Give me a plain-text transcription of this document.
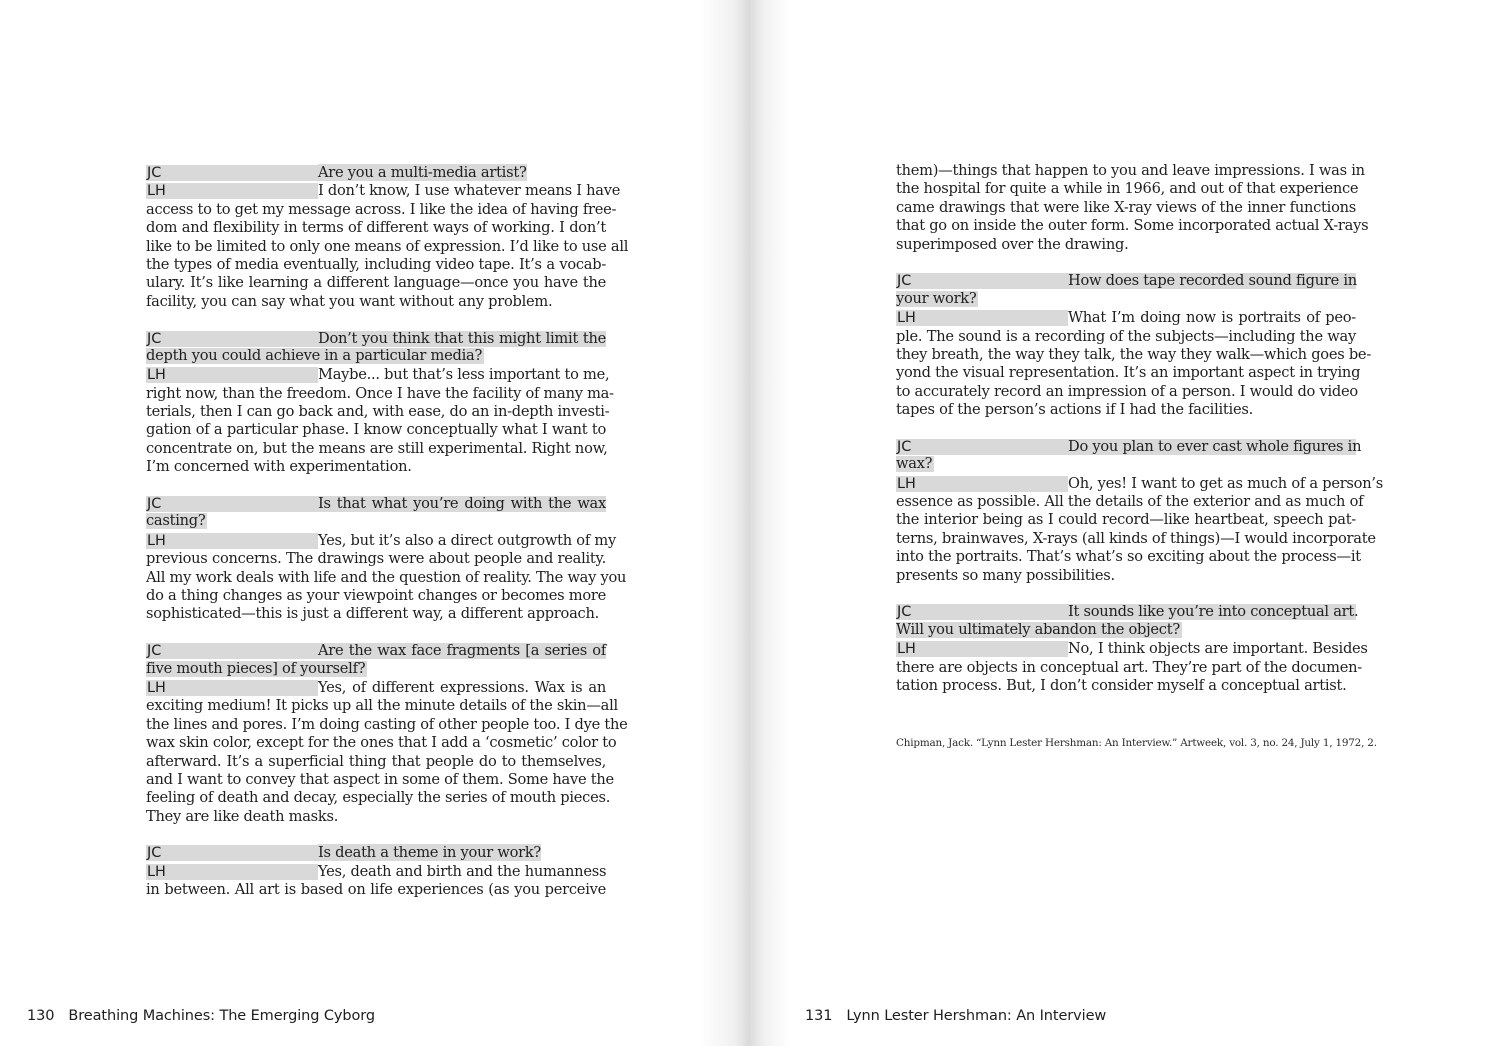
JC	Are you a multi-media artist?
LH	I don’t know, I use whatever means I have
access to to get my message across. I like the idea of having free-
dom and flexibility in terms of different ways of working. I don’t
like to be limited to only one means of expression. I’d like to use all
the types of media eventually, including video tape. It’s a vocab-
ulary. It’s like learning a different language—once you have the
facility, you can say what you want without any problem.
JC	Don’t you think that this might limit the
depth you could achieve in a particular media?
LH	Maybe... but that’s less important to me,
right now, than the freedom. Once I have the facility of many ma-
terials, then I can go back and, with ease, do an in-depth investi-
gation of a particular phase. I know conceptually what I want to
concentrate on, but the means are still experimental. Right now,
I’m concerned with experimentation.
JC	Is that what you’re doing with the wax
casting?
LH	Yes, but it’s also a direct outgrowth of my
previous concerns. The drawings were about people and reality.
All my work deals with life and the question of reality. The way you
do a thing changes as your viewpoint changes or becomes more
sophisticated—this is just a different way, a different approach.
JC	Are the wax face fragments [a series of
five mouth pieces] of yourself?
LH	Yes, of different expressions. Wax is an
exciting medium! It picks up all the minute details of the skin—all
the lines and pores. I’m doing casting of other people too. I dye the
wax skin color, except for the ones that I add a ‘cosmetic’ color to
afterward. It’s a superficial thing that people do to themselves,
and I want to convey that aspect in some of them. Some have the
feeling of death and decay, especially the series of mouth pieces.
They are like death masks.
JC	Is death a theme in your work?
LH	Yes, death and birth and the humanness
in between. All art is based on life experiences (as you perceive
130 Breathing Machines: The Emerging Cyborg
them)—things that happen to you and leave impressions. I was in
the hospital for quite a while in 1966, and out of that experience
came drawings that were like X-ray views of the inner functions
that go on inside the outer form. Some incorporated actual X-rays
superimposed over the drawing.
JC	How does tape recorded sound figure in
your work?
LH	What I’m doing now is portraits of peo-
ple. The sound is a recording of the subjects—including the way
they breath, the way they talk, the way they walk—which goes be-
yond the visual representation. It’s an important aspect in trying
to accurately record an impression of a person. I would do video
tapes of the person’s actions if I had the facilities.
JC	Do you plan to ever cast whole figures in
wax?
LH	Oh, yes! I want to get as much of a person’s
essence as possible. All the details of the exterior and as much of
the interior being as I could record—like heartbeat, speech pat-
terns, brainwaves, X-rays (all kinds of things)—I would incorporate
into the portraits. That’s what’s so exciting about the process—it
presents so many possibilities.
JC	It sounds like you’re into conceptual art.
Will you ultimately abandon the object?
LH	No, I think objects are important. Besides
there are objects in conceptual art. They’re part of the documen-
tation process. But, I don’t consider myself a conceptual artist.
Chipman, Jack. “Lynn Lester Hershman: An Interview.” Artweek, vol. 3, no. 24, July 1, 1972, 2.
131 Lynn Lester Hershman: An Interview
